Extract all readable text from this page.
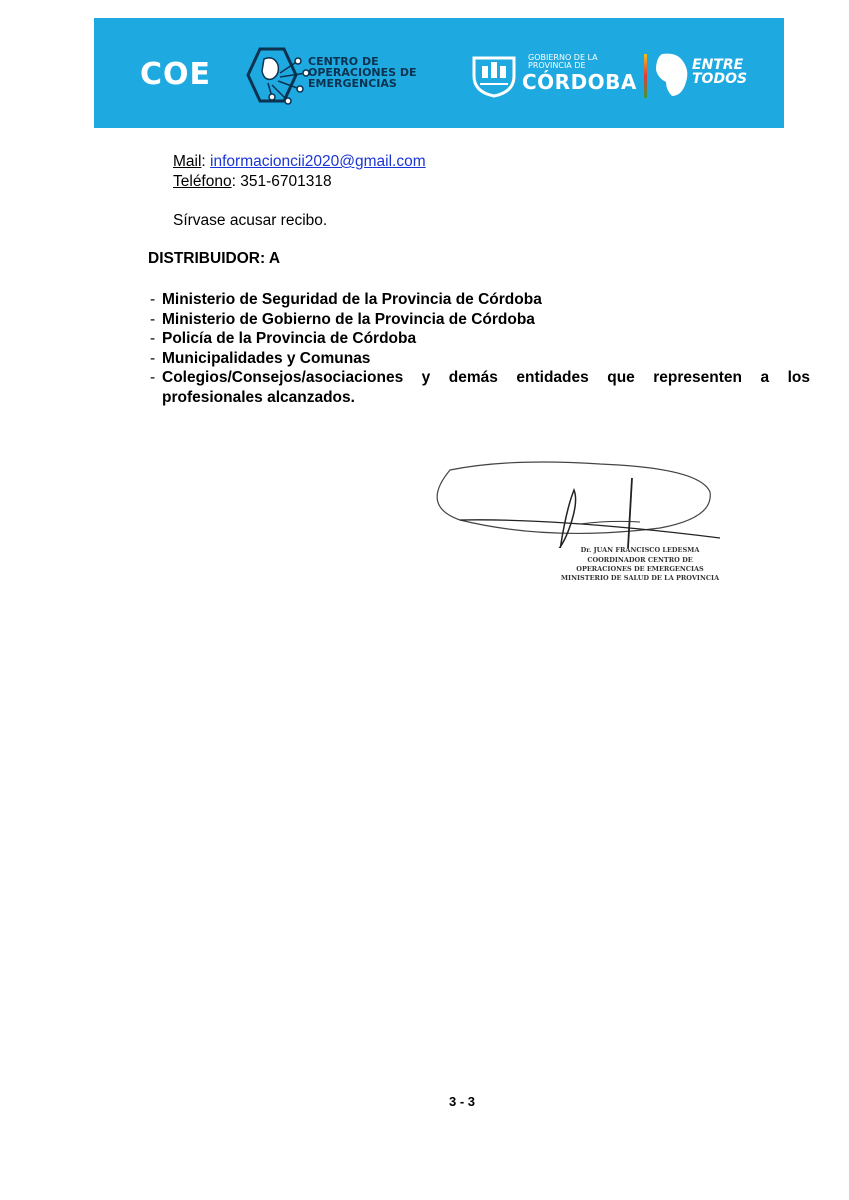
COE	CENTRO DE
OPERACIONES DE
EMERGENCIAS
GOBIERNO DE LA
PROVINCIA DE
CÓRDOBA
ENTRE
TODOS
Mail: informacioncii2020@gmail.com
Teléfono: 351-6701318
Sírvase acusar recibo.
DISTRIBUIDOR: A
- Ministerio de Seguridad de la Provincia de Córdoba
- Ministerio de Gobierno de la Provincia de Córdoba
- Policía de la Provincia de Córdoba
- Municipalidades y Comunas
- Colegios/Consejos/asociaciones y demás entidades que representen a los profesionales alcanzados.
Dr. JUAN FRANCISCO LEDESMA
COORDINADOR CENTRO DE
OPERACIONES DE EMERGENCIAS
MINISTERIO DE SALUD DE LA PROVINCIA
3 - 3
